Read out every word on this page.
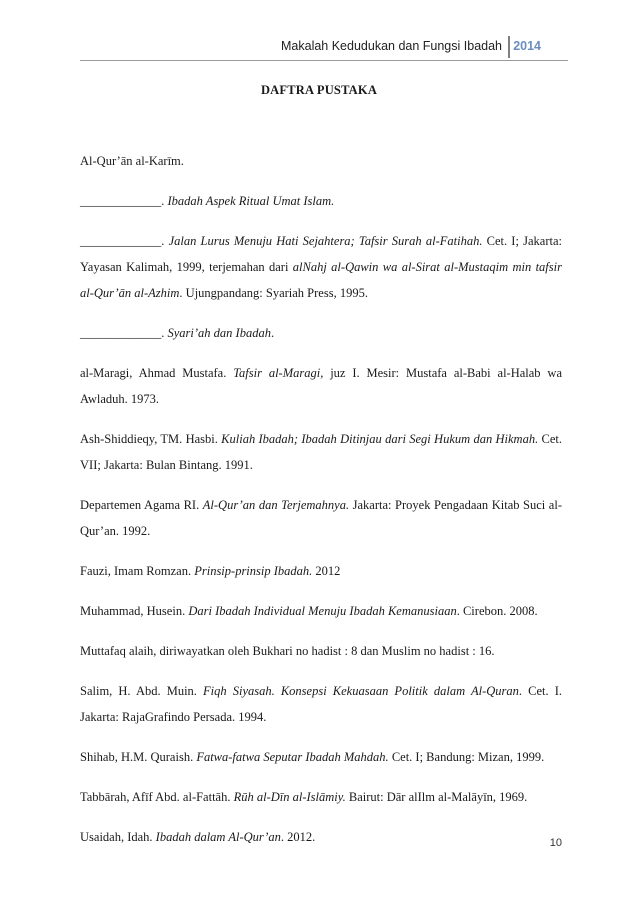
Makalah Kedudukan dan Fungsi Ibadah 2014
DAFTRA PUSTAKA

Al-Qur’ān al-Karīm.

_____________. Ibadah Aspek Ritual Umat Islam.

_____________. Jalan Lurus Menuju Hati Sejahtera; Tafsir Surah al-Fatihah. Cet. I; Jakarta: Yayasan Kalimah, 1999, terjemahan dari alNahj al-Qawin wa al-Sirat al-Mustaqim min tafsir al-Qur’ān al-Azhim. Ujungpandang: Syariah Press, 1995.

_____________. Syari’ah dan Ibadah.

al-Maragi, Ahmad Mustafa. Tafsir al-Maragi, juz I. Mesir: Mustafa al-Babi al-Halab wa Awladuh. 1973.

Ash-Shiddieqy, TM. Hasbi. Kuliah Ibadah; Ibadah Ditinjau dari Segi Hukum dan Hikmah. Cet. VII; Jakarta: Bulan Bintang. 1991.

Departemen Agama RI. Al-Qur’an dan Terjemahnya. Jakarta: Proyek Pengadaan Kitab Suci al-Qur’an. 1992.

Fauzi, Imam Romzan. Prinsip-prinsip Ibadah. 2012

Muhammad, Husein. Dari Ibadah Individual Menuju Ibadah Kemanusiaan. Cirebon. 2008.

Muttafaq alaih, diriwayatkan oleh Bukhari no hadist : 8 dan Muslim no hadist : 16.

Salim, H. Abd. Muin. Fiqh Siyasah. Konsepsi Kekuasaan Politik dalam Al-Quran. Cet. I. Jakarta: RajaGrafindo Persada. 1994.

Shihab, H.M. Quraish. Fatwa-fatwa Seputar Ibadah Mahdah. Cet. I; Bandung: Mizan, 1999.

Tabbārah, Afīf Abd. al-Fattāh. Rūh al-Dīn al-Islāmiy. Bairut: Dār alIlm al-Malāyīn, 1969.

Usaidah, Idah. Ibadah dalam Al-Qur’an. 2012.	10
